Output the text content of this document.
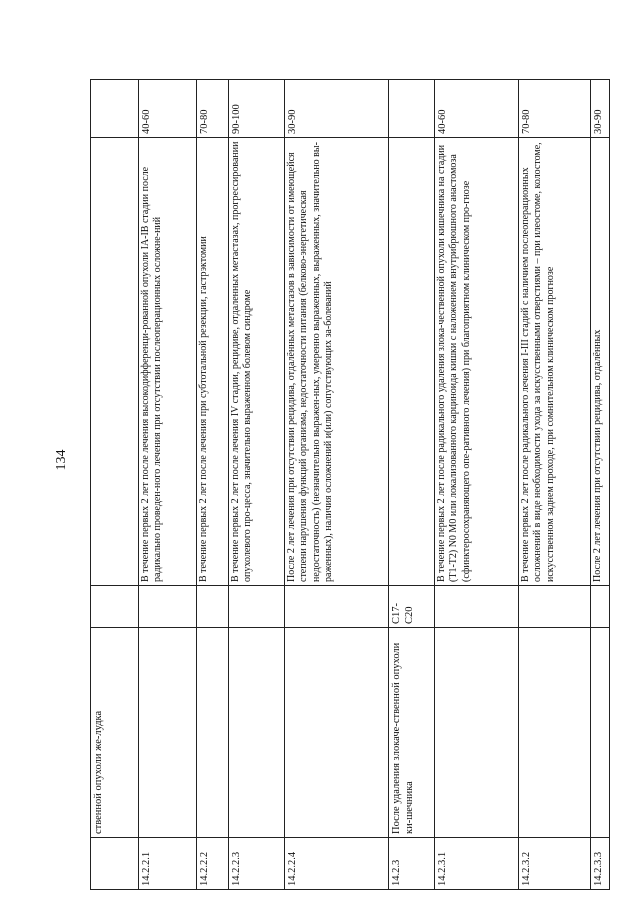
134
	ственной опухоли же-лудка			
14.2.2.1			В течение первых 2 лет после лечения высокодифференци-рованной опухоли IA-IB стадии после радикально проведен-ного лечения при отсутствии послеоперационных осложне-ний	40-60
14.2.2.2			В течение первых 2 лет после лечения при субтотальной резекции, гастрэктомии	70-80
14.2.2.3			В течение первых 2 лет после лечения IV стадии, рецидиве, отдаленных метастазах, прогрессировании опухолевого про-цесса, значительно выраженном болевом синдроме	90-100
14.2.2.4			После 2 лет лечения при отсутствии рецидива, отдалённых метастазов в зависимости от имеющейся степени нарушения функций организма, недостаточности питания (белково-энергетическая недостаточность) (незначительно выражен-ных, умеренно выраженных, выраженных, значительно вы-раженных), наличия осложнений и(или) сопутствующих за-болеваний	30-90
14.2.3	После удаления злокаче-ственной опухоли ки-шечника	C17-C20		
14.2.3.1			В течение первых 2 лет после радикального удаления злока-чественной опухоли кишечника на стадии (T1-T2) N0 M0 или локализованного карциноида кишки с наложением внутрибрюшного анастомоза (сфинктеросохраняющего опе-ративного лечения) при благоприятном клиническом про-гнозе	40-60
14.2.3.2			В течение первых 2 лет после радикального лечения I-III стадий с наличием послеоперационных осложнений в виде необходимости ухода за искусственными отверстиями – при илеостоме, колостоме, искусственном заднем проходе, при сомнительном клиническом прогнозе	70-80
14.2.3.3			После 2 лет лечения при отсутствии рецидива, отдалённых	30-90
